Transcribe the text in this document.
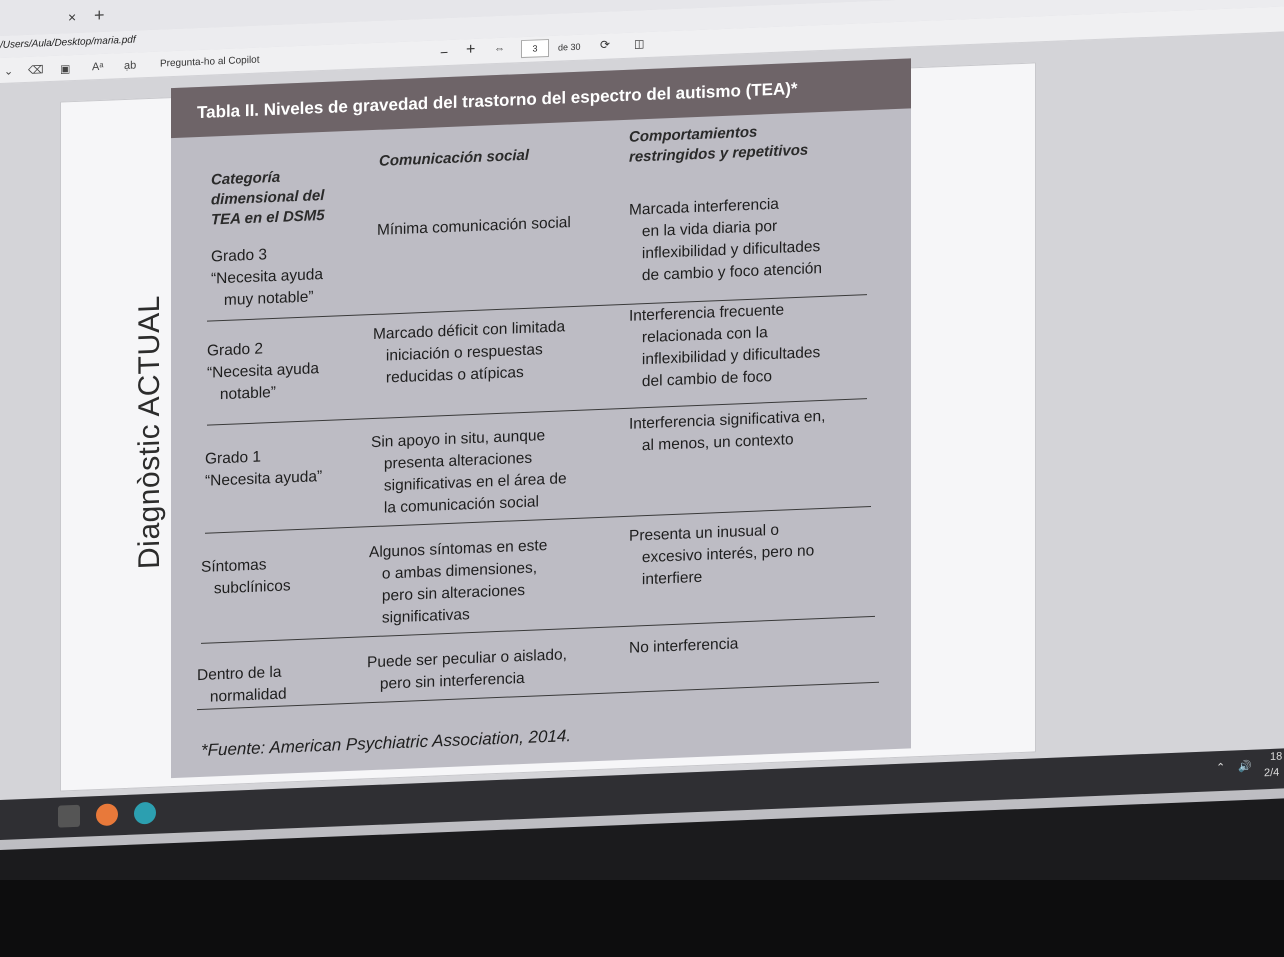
× +
/Users/Aula/Desktop/maria.pdf
⌄ ⌫ ▣ Aᵃ ạb Pregunta-ho al Copilot
− + ⇔	3	de 30 ⟳ ◫
Diagnòstic ACTUAL
Tabla II. Niveles de gravedad del trastorno del espectro del autismo (TEA)*
Categoría
dimensional del
TEA en el DSM5
Comunicación social
Comportamientos
restringidos y repetitivos
Grado 3
“Necesita ayuda
muy notable”
Mínima comunicación social
Marcada interferencia
en la vida diaria por
inflexibilidad y dificultades
de cambio y foco atención
Grado 2
“Necesita ayuda
notable”
Marcado déficit con limitada
iniciación o respuestas
reducidas o atípicas
Interferencia frecuente
relacionada con la
inflexibilidad y dificultades
del cambio de foco
Grado 1
“Necesita ayuda”
Sin apoyo in situ, aunque
presenta alteraciones
significativas en el área de
la comunicación social
Interferencia significativa en,
al menos, un contexto
Síntomas
subclínicos
Algunos síntomas en este
o ambas dimensiones,
pero sin alteraciones
significativas
Presenta un inusual o
excesivo interés, pero no
interfiere
Dentro de la
normalidad
Puede ser peculiar o aislado,
pero sin interferencia
No interferencia
*Fuente: American Psychiatric Association, 2014.
⌃ 🔊
18
2/4
